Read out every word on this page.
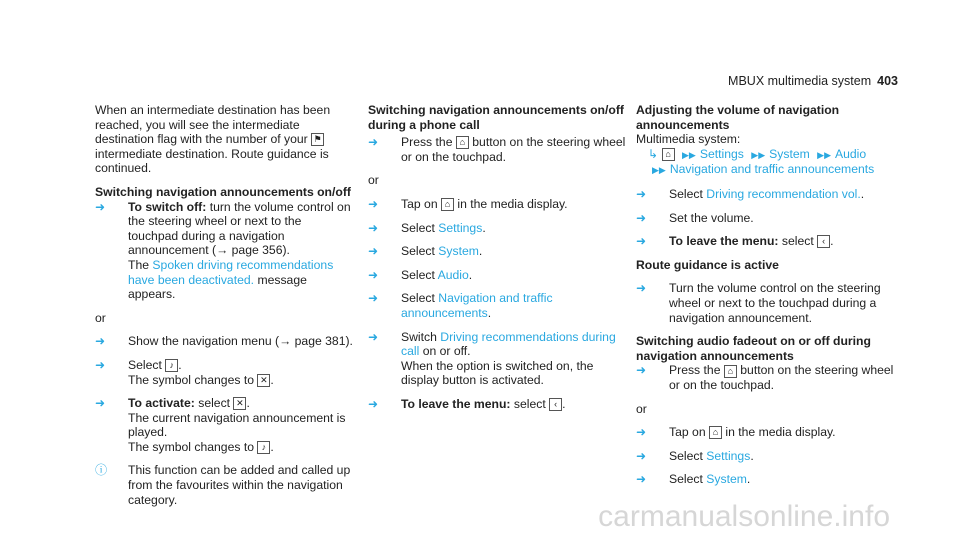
MBUX multimedia system 403

When an intermediate destination has been reached, you will see the intermediate destination flag with the number of your ⚑ intermediate destination. Route guidance is continued.

Switching navigation announcements on/off

➜ To switch off: turn the volume control on the steering wheel or next to the touchpad during a navigation announcement (→ page 356).
The Spoken driving recommendations have been deactivated. message appears.

or

➜ Show the navigation menu (→ page 381).
➜ Select ♪ .
The symbol changes to ✕ .
➜ To activate: select ✕ .
The current navigation announcement is played.
The symbol changes to ♪ .
ⓘ This function can be added and called up from the favourites within the navigation category.

Switching navigation announcements on/off during a phone call

➜ Press the ⌂ button on the steering wheel or on the touchpad.

or

➜ Tap on ⌂ in the media display.
➜ Select Settings.
➜ Select System.
➜ Select Audio.
➜ Select Navigation and traffic announcements.
➜ Switch Driving recommendations during call on or off.
When the option is switched on, the display button is activated.
➜ To leave the menu: select ‹ .

Adjusting the volume of navigation announcements

Multimedia system:

↳ ⌂ ▶▶ Settings ▶▶ System ▶▶ Audio ▶▶ Navigation and traffic announcements

➜ Select Driving recommendation vol..
➜ Set the volume.
➜ To leave the menu: select ‹ .

Route guidance is active

➜ Turn the volume control on the steering wheel or next to the touchpad during a navigation announcement.

Switching audio fadeout on or off during navigation announcements

➜ Press the ⌂ button on the steering wheel or on the touchpad.

or

➜ Tap on ⌂ in the media display.
➜ Select Settings.
➜ Select System.
carmanualsonline.info
